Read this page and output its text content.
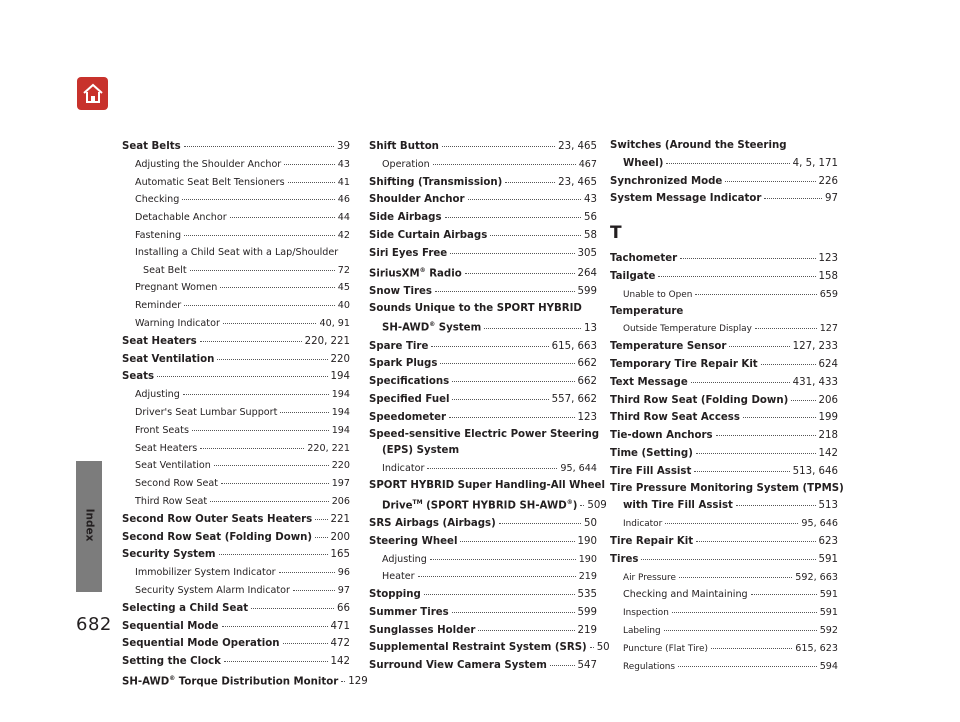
Index
682
Seat Belts	39
Adjusting the Shoulder Anchor	43
Automatic Seat Belt Tensioners	41
Checking	46
Detachable Anchor	44
Fastening	42
Installing a Child Seat with a Lap/Shoulder
Seat Belt	72
Pregnant Women	45
Reminder	40
Warning Indicator	40, 91
Seat Heaters	220, 221
Seat Ventilation	220
Seats	194
Adjusting	194
Driver's Seat Lumbar Support	194
Front Seats	194
Seat Heaters	220, 221
Seat Ventilation	220
Second Row Seat	197
Third Row Seat	206
Second Row Outer Seats Heaters 221
Second Row Seat (Folding Down) 200
Security System	165
Immobilizer System Indicator	96
Security System Alarm Indicator	97
Selecting a Child Seat	66
Sequential Mode	471
Sequential Mode Operation	472
Setting the Clock	142
SH-AWD® Torque Distribution Monitor 129
Shift Button	23, 465
Operation	467
Shifting (Transmission)	23, 465
Shoulder Anchor	43
Side Airbags	56
Side Curtain Airbags	58
Siri Eyes Free	305
SiriusXM® Radio	264
Snow Tires	599
Sounds Unique to the SPORT HYBRID
SH-AWD® System	13
Spare Tire	615, 663
Spark Plugs	662
Specifications	662
Specified Fuel	557, 662
Speedometer	123
Speed-sensitive Electric Power Steering
(EPS) System
Indicator	95, 644
SPORT HYBRID Super Handling-All Wheel
Drive™ (SPORT HYBRID SH-AWD®) 509
SRS Airbags (Airbags)	50
Steering Wheel	190
Adjusting	190
Heater	219
Stopping	535
Summer Tires	599
Sunglasses Holder	219
Supplemental Restraint System (SRS) 50
Surround View Camera System	547
Switches (Around the Steering
Wheel)	4, 5, 171
Synchronized Mode	226
System Message Indicator	97
T
Tachometer	123
Tailgate	158
Unable to Open	659
Temperature
Outside Temperature Display	127
Temperature Sensor	127, 233
Temporary Tire Repair Kit	624
Text Message	431, 433
Third Row Seat (Folding Down)	206
Third Row Seat Access	199
Tie-down Anchors	218
Time (Setting)	142
Tire Fill Assist	513, 646
Tire Pressure Monitoring System (TPMS)
with Tire Fill Assist	513
Indicator	95, 646
Tire Repair Kit	623
Tires	591
Air Pressure	592, 663
Checking and Maintaining	591
Inspection	591
Labeling	592
Puncture (Flat Tire)	615, 623
Regulations	594
